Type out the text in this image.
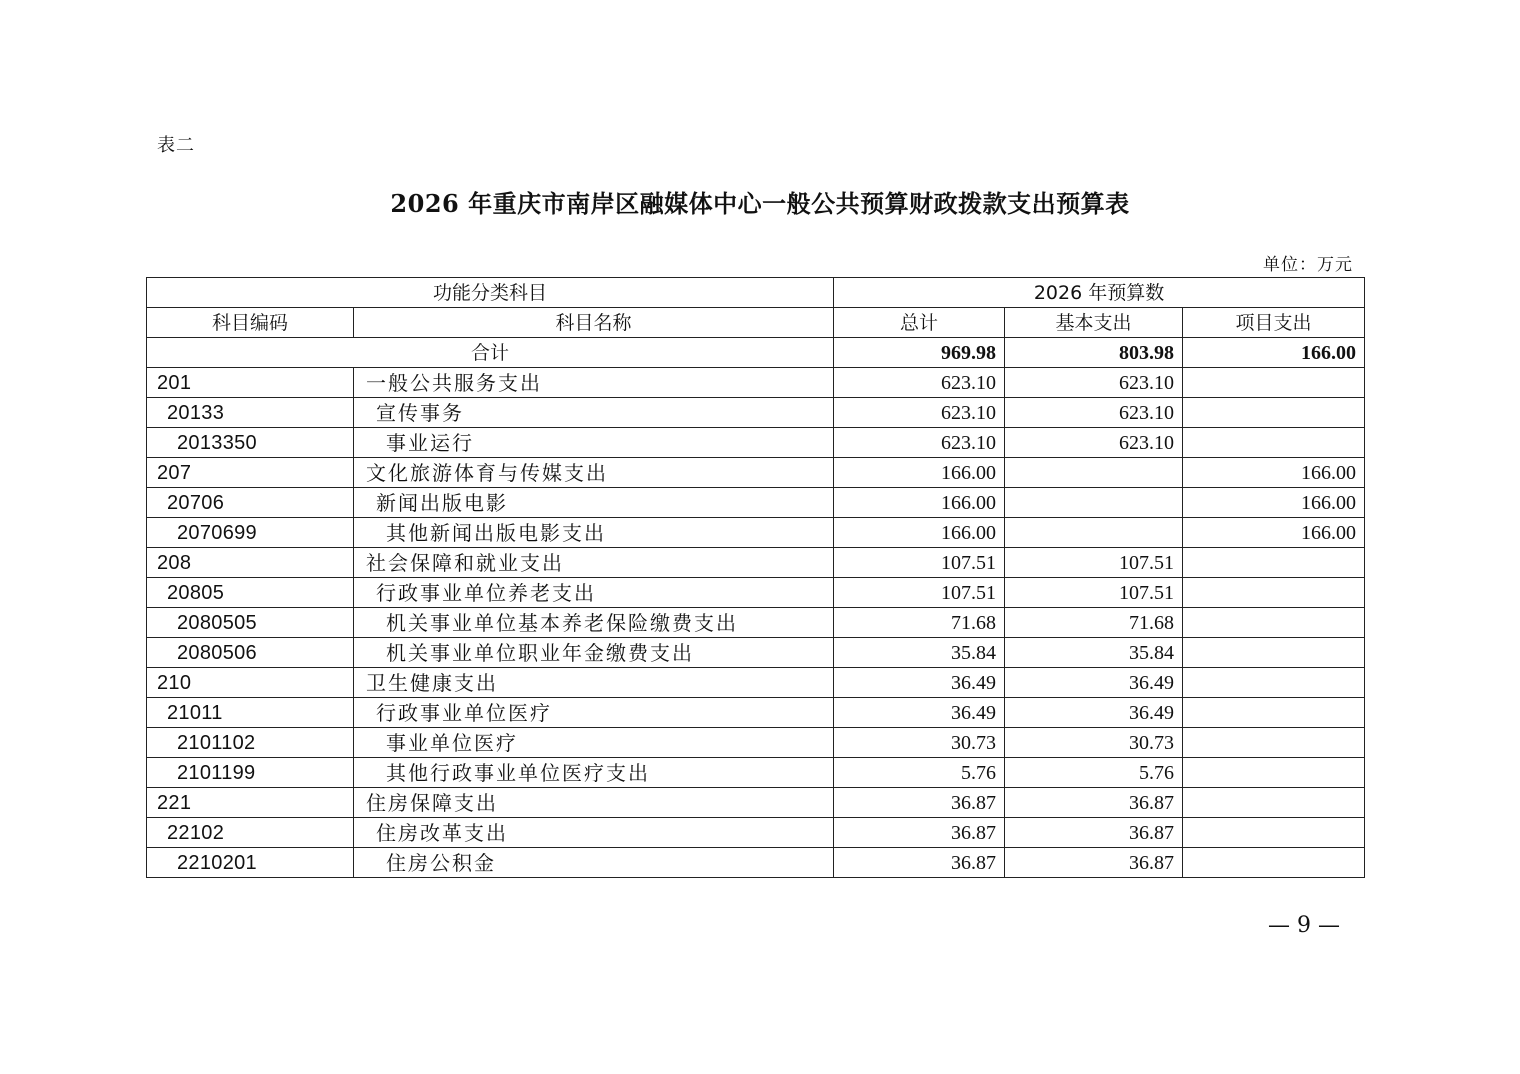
表二
2026 年重庆市南岸区融媒体中心一般公共预算财政拨款支出预算表
单位：万元
功能分类科目		2026 年预算数		
科目编码	科目名称	总计	基本支出	项目支出
合计		969.98	803.98	166.00
201	一般公共服务支出	623.10	623.10	
20133	宣传事务	623.10	623.10	
2013350	事业运行	623.10	623.10	
207	文化旅游体育与传媒支出	166.00		166.00
20706	新闻出版电影	166.00		166.00
2070699	其他新闻出版电影支出	166.00		166.00
208	社会保障和就业支出	107.51	107.51	
20805	行政事业单位养老支出	107.51	107.51	
2080505	机关事业单位基本养老保险缴费支出	71.68	71.68	
2080506	机关事业单位职业年金缴费支出	35.84	35.84	
210	卫生健康支出	36.49	36.49	
21011	行政事业单位医疗	36.49	36.49	
2101102	事业单位医疗	30.73	30.73	
2101199	其他行政事业单位医疗支出	5.76	5.76	
221	住房保障支出	36.87	36.87	
22102	住房改革支出	36.87	36.87	
2210201	住房公积金	36.87	36.87	
— 9 —
